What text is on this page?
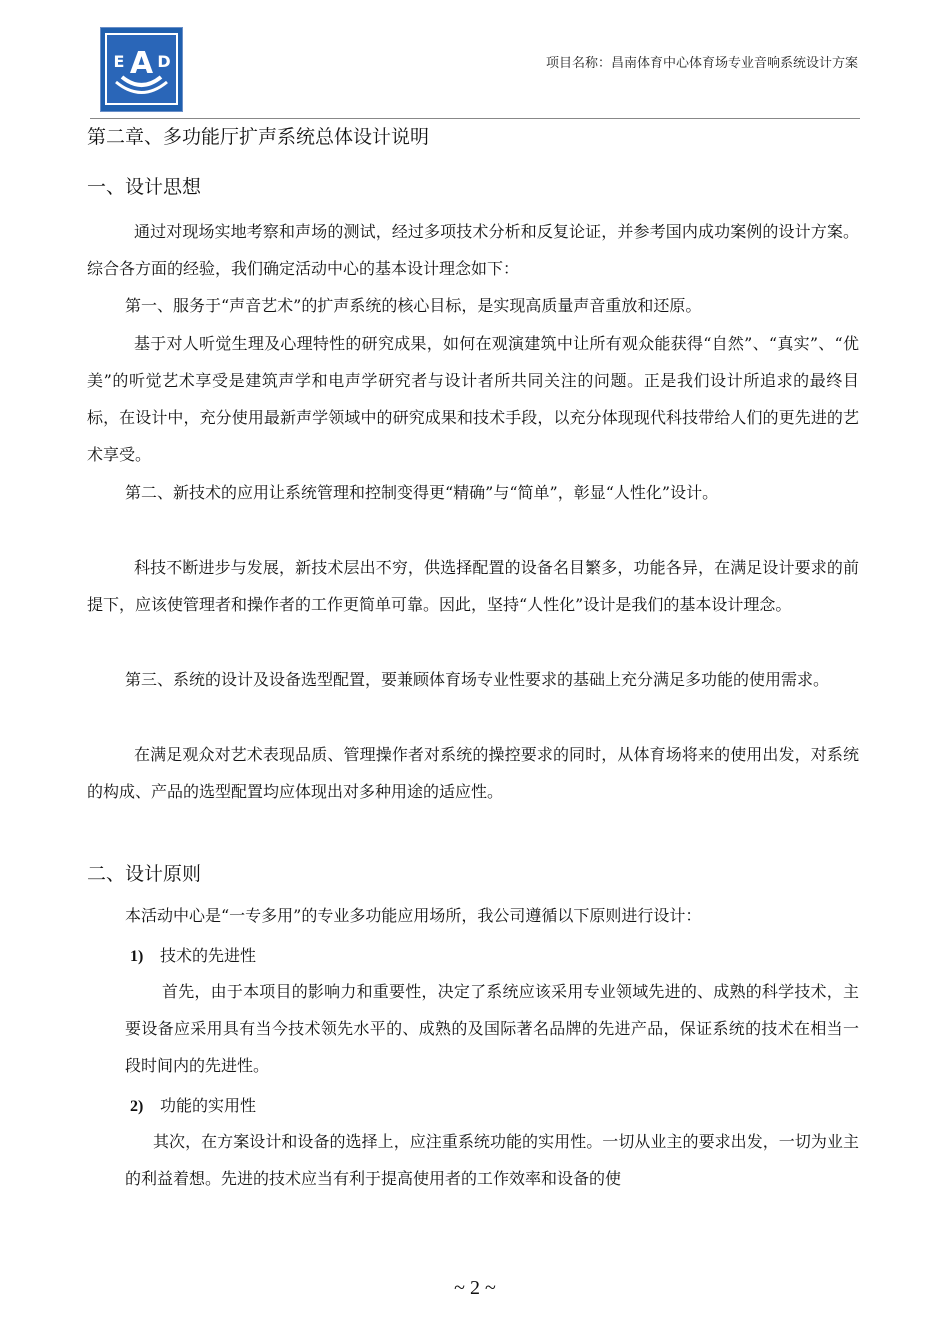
A
E D	项目名称：昌南体育中心体育场专业音响系统设计方案
第二章、多功能厅扩声系统总体设计说明
一、设计思想

通过对现场实地考察和声场的测试，经过多项技术分析和反复论证，并参考国内成功案例的设计方案。综合各方面的经验，我们确定活动中心的基本设计理念如下：

第一、服务于“声音艺术”的扩声系统的核心目标，是实现高质量声音重放和还原。

基于对人听觉生理及心理特性的研究成果，如何在观演建筑中让所有观众能获得“自然”、“真实”、“优美”的听觉艺术享受是建筑声学和电声学研究者与设计者所共同关注的问题。正是我们设计所追求的最终目标，在设计中，充分使用最新声学领域中的研究成果和技术手段，以充分体现现代科技带给人们的更先进的艺术享受。

第二、新技术的应用让系统管理和控制变得更“精确”与“简单”，彰显“人性化”设计。

科技不断进步与发展，新技术层出不穷，供选择配置的设备名目繁多，功能各异，在满足设计要求的前提下，应该使管理者和操作者的工作更简单可靠。因此，坚持“人性化”设计是我们的基本设计理念。

第三、系统的设计及设备选型配置，要兼顾体育场专业性要求的基础上充分满足多功能的使用需求。

在满足观众对艺术表现品质、管理操作者对系统的操控要求的同时，从体育场将来的使用出发，对系统的构成、产品的选型配置均应体现出对多种用途的适应性。

二、设计原则

本活动中心是“一专多用”的专业多功能应用场所，我公司遵循以下原则进行设计：

1) 技术的先进性

首先，由于本项目的影响力和重要性，决定了系统应该采用专业领域先进的、成熟的科学技术，主要设备应采用具有当今技术领先水平的、成熟的及国际著名品牌的先进产品，保证系统的技术在相当一段时间内的先进性。

2) 功能的实用性

其次，在方案设计和设备的选择上，应注重系统功能的实用性。一切从业主的要求出发，一切为业主的利益着想。先进的技术应当有利于提高使用者的工作效率和设备的使

~ 2 ~
